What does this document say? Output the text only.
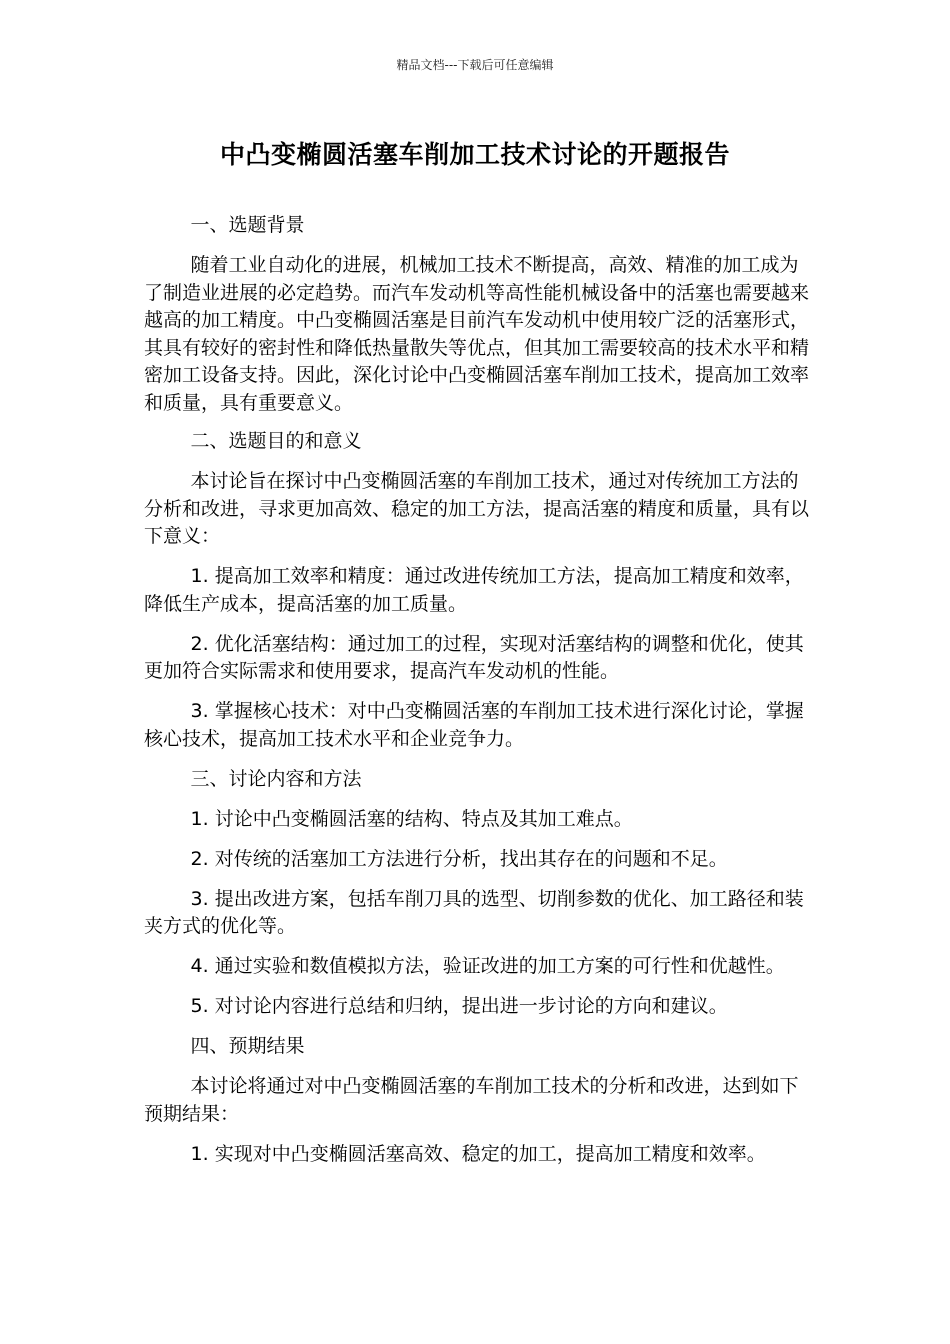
精品文档---下载后可任意编辑
中凸变椭圆活塞车削加工技术讨论的开题报告

一、选题背景

随着工业自动化的进展，机械加工技术不断提高，高效、精准的加工成为了制造业进展的必定趋势。而汽车发动机等高性能机械设备中的活塞也需要越来越高的加工精度。中凸变椭圆活塞是目前汽车发动机中使用较广泛的活塞形式，其具有较好的密封性和降低热量散失等优点，但其加工需要较高的技术水平和精密加工设备支持。因此，深化讨论中凸变椭圆活塞车削加工技术，提高加工效率和质量，具有重要意义。

二、选题目的和意义

本讨论旨在探讨中凸变椭圆活塞的车削加工技术，通过对传统加工方法的分析和改进，寻求更加高效、稳定的加工方法，提高活塞的精度和质量，具有以下意义：

1. 提高加工效率和精度：通过改进传统加工方法，提高加工精度和效率，降低生产成本，提高活塞的加工质量。

2. 优化活塞结构：通过加工的过程，实现对活塞结构的调整和优化，使其更加符合实际需求和使用要求，提高汽车发动机的性能。

3. 掌握核心技术：对中凸变椭圆活塞的车削加工技术进行深化讨论，掌握核心技术，提高加工技术水平和企业竞争力。

三、讨论内容和方法

1. 讨论中凸变椭圆活塞的结构、特点及其加工难点。

2. 对传统的活塞加工方法进行分析，找出其存在的问题和不足。

3. 提出改进方案，包括车削刀具的选型、切削参数的优化、加工路径和装夹方式的优化等。

4. 通过实验和数值模拟方法，验证改进的加工方案的可行性和优越性。

5. 对讨论内容进行总结和归纳，提出进一步讨论的方向和建议。

四、预期结果

本讨论将通过对中凸变椭圆活塞的车削加工技术的分析和改进，达到如下预期结果：

1. 实现对中凸变椭圆活塞高效、稳定的加工，提高加工精度和效率。
